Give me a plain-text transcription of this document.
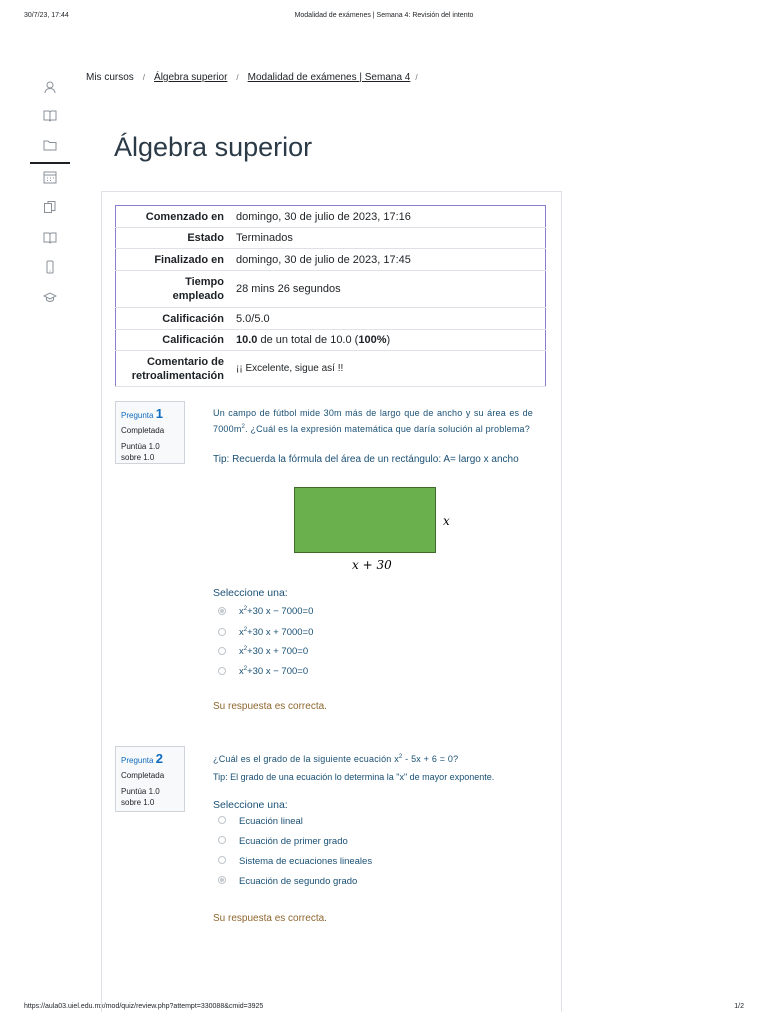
30/7/23, 17:44	Modalidad de exámenes | Semana 4: Revisión del intento
https://aula03.uiel.edu.mx/mod/quiz/review.php?attempt=330088&cmid=3925	1/2
Mis cursos / Álgebra superior / Modalidad de exámenes | Semana 4 /
Álgebra superior
Comenzado en	domingo, 30 de julio de 2023, 17:16
Estado	Terminados
Finalizado en	domingo, 30 de julio de 2023, 17:45
Tiempo
empleado	28 mins 26 segundos
Calificación	5.0/5.0
Calificación	10.0 de un total de 10.0 (100%)
Comentario de
retroalimentación	¡¡ Excelente, sigue así !!
Pregunta 1
Completada
Puntúa 1.0
sobre 1.0
Un campo de fútbol mide 30m más de largo que de ancho y su área es de $7000m^2$. ¿Cuál es la expresión matemática que daría solución al problema?
Tip: Recuerda la fórmula del área de un rectángulo: A= largo x ancho
x
x + 30
Seleccione una:
$x^2+30$ x − 7000=0
$x^2+30$ x + 7000=0
$x^2+30$ x + 700=0
$x^2+30$ x − 700=0
Su respuesta es correcta.
Pregunta 2
Completada
Puntúa 1.0
sobre 1.0
¿Cuál es el grado de la siguiente ecuación $x^2 - 5x + 6 = 0$?
Tip: El grado de una ecuación lo determina la "x" de mayor exponente.
Seleccione una:
Ecuación lineal
Ecuación de primer grado
Sistema de ecuaciones lineales
Ecuación de segundo grado
Su respuesta es correcta.
